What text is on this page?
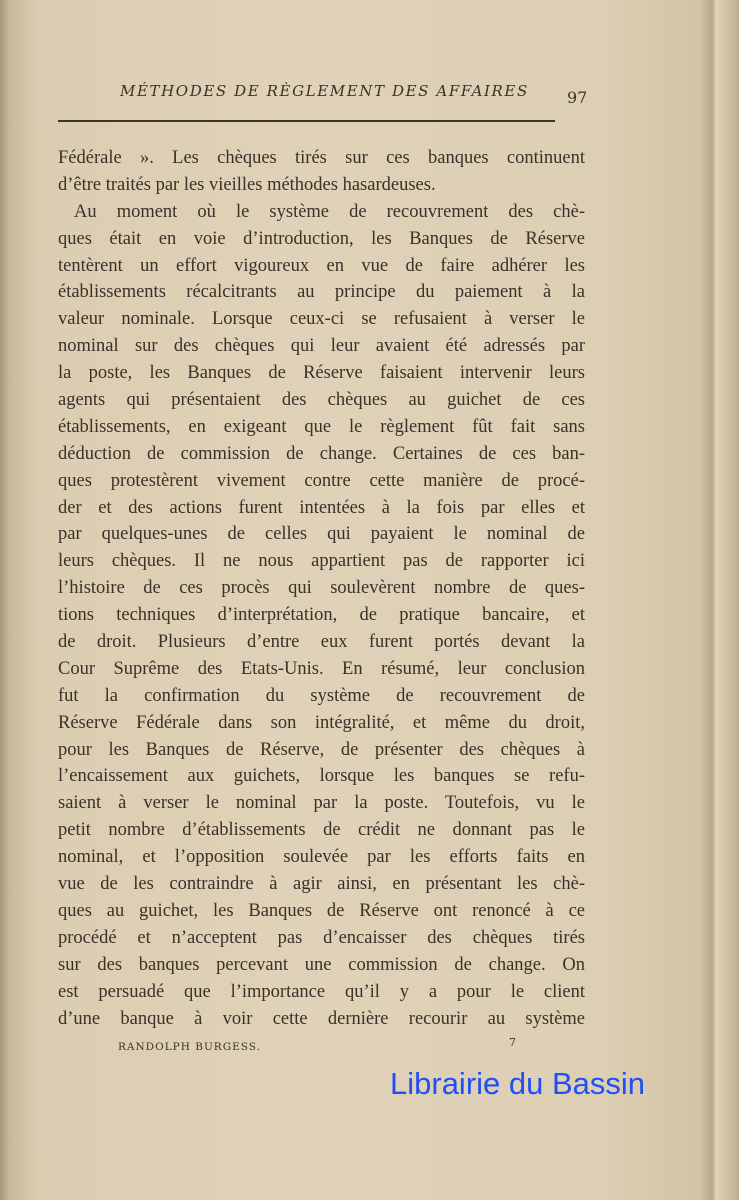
MÉTHODES DE RÈGLEMENT DES AFFAIRES 97
Fédérale ». Les chèques tirés sur ces banques continuent
d’être traités par les vieilles méthodes hasardeuses.
Au moment où le système de recouvrement des chè-
ques était en voie d’introduction, les Banques de Réserve
tentèrent un effort vigoureux en vue de faire adhérer les
établissements récalcitrants au principe du paiement à la
valeur nominale. Lorsque ceux-ci se refusaient à verser le
nominal sur des chèques qui leur avaient été adressés par
la poste, les Banques de Réserve faisaient intervenir leurs
agents qui présentaient des chèques au guichet de ces
établissements, en exigeant que le règlement fût fait sans
déduction de commission de change. Certaines de ces ban-
ques protestèrent vivement contre cette manière de procé-
der et des actions furent intentées à la fois par elles et
par quelques-unes de celles qui payaient le nominal de
leurs chèques. Il ne nous appartient pas de rapporter ici
l’histoire de ces procès qui soulevèrent nombre de ques-
tions techniques d’interprétation, de pratique bancaire, et
de droit. Plusieurs d’entre eux furent portés devant la
Cour Suprême des Etats-Unis. En résumé, leur conclusion
fut la confirmation du système de recouvrement de
Réserve Fédérale dans son intégralité, et même du droit,
pour les Banques de Réserve, de présenter des chèques à
l’encaissement aux guichets, lorsque les banques se refu-
saient à verser le nominal par la poste. Toutefois, vu le
petit nombre d’établissements de crédit ne donnant pas le
nominal, et l’opposition soulevée par les efforts faits en
vue de les contraindre à agir ainsi, en présentant les chè-
ques au guichet, les Banques de Réserve ont renoncé à ce
procédé et n’acceptent pas d’encaisser des chèques tirés
sur des banques percevant une commission de change. On
est persuadé que l’importance qu’il y a pour le client
d’une banque à voir cette dernière recourir au système
RANDOLPH BURGESS.	7
Librairie du Bassin
